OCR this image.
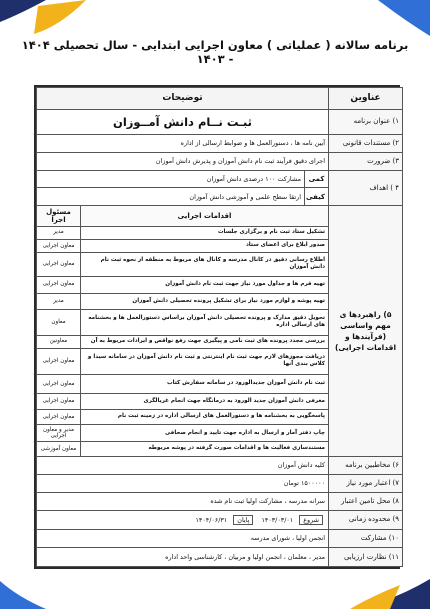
برنامه سالانه ( عملیاتی ) معاون اجرایی ابتدایی - سال تحصیلی ۱۴۰۴ - ۱۴۰۳
عناوین	توضیحات		
۱) عنوان برنامه	ثبـت نــام دانش آمــوزان		
۲) مستندات قانونی	آیین نامه ها ، دستورالعمل ها و ضوابط ارسالی از اداره		
۳) ضرورت	اجرای دقیق فرآیند ثبت نام دانش آموزان و پذیرش دانش آموزان		
۴ ) اهداف	کمی	مشارکت ۱۰۰ درصدی دانش آموزان	
	کیفی	ارتقا سطح علمی و آموزشی دانش آموزان	
۵) راهبردها ی مهم واساسی (فرآیندها و اقدامات اجرایی)	اقدامات اجرایی		مسئول اجرا
	تشکیل ستاد ثبت نام و برگزاری جلسات		مدیر
	صدور ابلاغ برای اعضای ستاد		معاون اجرایی
	اطلاع رسانی دقیق در کانال مدرسه و کانال های مربوط به منطقه از نحوه ثبت نام دانش آموزان		معاون اجرایی
	تهیه فرم ها و جداول مورد نیاز جهت ثبت نام دانش آموزان		معاون اجرایی
	تهیه پوشه و لوازم مورد نیاز برای تشکیل پرونده تحصیلی دانش آموزان		مدیر
	تحویل دقیق مدارک و پرونده تحصیلی دانش آموزان براساس دستورالعمل ها و بخشنامه های ارسالی اداره		معاون
	بررسی مجدد پرونده های ثبت نامی و پیگیری جهت رفع نواقص و ایرادات مربوط به آن		معاونین
	دریافت مجوزهای لازم جهت ثبت نام اینترنتی و ثبت نام دانش آموزان در سامانه سیدا و کلاس بندی آنها		معاون اجرایی
	ثبت نام دانش آموزان جدیدالورود در سامانه سفارش کتاب		معاون اجرایی
	معرفی دانش آموزان جدید الورود به درمانگاه جهت انجام غربالگری		معاون اجرایی
	پاسخگویی به بخشنامه ها و دستورالعمل های ارسالی اداره در زمینه ثبت نام		معاون اجرایی
	چاپ دفتر آمار و ارسال به اداره جهت تایید و انجام صحافی		مدیر و معاون اجرایی
	مستندسازی فعالیت ها و اقدامات صورت گرفته در پوشه مربوطه		معاون آموزشی
۶) مخاطبین برنامه	کلیه دانش آموزان		
۷) اعتبار مورد نیاز	۱۵۰۰۰۰۰ تومان		
۸) محل تامین اعتبار	سرانه مدرسه ، مشارکت اولیا ثبت نام شده		
۹) محدوده زمانی	شروع۱۴۰۳/۰۳/۰۱ پایان۱۴۰۴/۰۶/۳۱		
۱۰) مشارکت	انجمن اولیا ، شورای مدرسه		
۱۱) نظارت ارزیابی	مدیر ، معلمان ، انجمن اولیا و مربیان ، کارشناسی واحد اداره		
